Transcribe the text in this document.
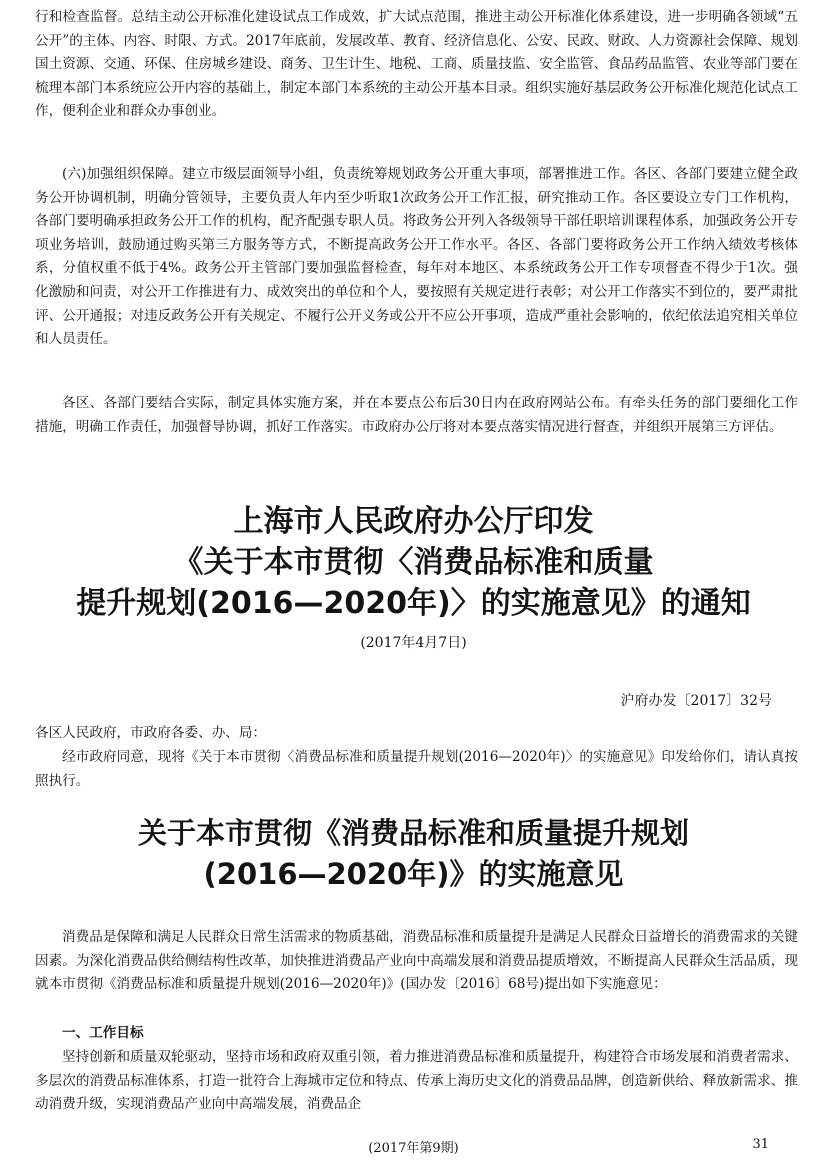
行和检查监督。总结主动公开标准化建设试点工作成效，扩大试点范围，推进主动公开标准化体系建设，进一步明确各领域“五公开”的主体、内容、时限、方式。2017年底前，发展改革、教育、经济信息化、公安、民政、财政、人力资源社会保障、规划国土资源、交通、环保、住房城乡建设、商务、卫生计生、地税、工商、质量技监、安全监管、食品药品监管、农业等部门要在梳理本部门本系统应公开内容的基础上，制定本部门本系统的主动公开基本目录。组织实施好基层政务公开标准化规范化试点工作，便利企业和群众办事创业。

(六)加强组织保障。建立市级层面领导小组，负责统筹规划政务公开重大事项，部署推进工作。各区、各部门要建立健全政务公开协调机制，明确分管领导，主要负责人年内至少听取1次政务公开工作汇报，研究推动工作。各区要设立专门工作机构，各部门要明确承担政务公开工作的机构，配齐配强专职人员。将政务公开列入各级领导干部任职培训课程体系，加强政务公开专项业务培训，鼓励通过购买第三方服务等方式，不断提高政务公开工作水平。各区、各部门要将政务公开工作纳入绩效考核体系，分值权重不低于4%。政务公开主管部门要加强监督检查，每年对本地区、本系统政务公开工作专项督查不得少于1次。强化激励和问责，对公开工作推进有力、成效突出的单位和个人，要按照有关规定进行表彰；对公开工作落实不到位的，要严肃批评、公开通报；对违反政务公开有关规定、不履行公开义务或公开不应公开事项，造成严重社会影响的，依纪依法追究相关单位和人员责任。

各区、各部门要结合实际，制定具体实施方案，并在本要点公布后30日内在政府网站公布。有牵头任务的部门要细化工作措施，明确工作责任，加强督导协调，抓好工作落实。市政府办公厅将对本要点落实情况进行督查，并组织开展第三方评估。

上海市人民政府办公厅印发

《关于本市贯彻〈消费品标准和质量

提升规划(2016—2020年)〉的实施意见》的通知

(2017年4月7日)

沪府办发〔2017〕32号

各区人民政府，市政府各委、办、局：

经市政府同意，现将《关于本市贯彻〈消费品标准和质量提升规划(2016—2020年)〉的实施意见》印发给你们，请认真按照执行。

关于本市贯彻《消费品标准和质量提升规划

(2016—2020年)》的实施意见

消费品是保障和满足人民群众日常生活需求的物质基础，消费品标准和质量提升是满足人民群众日益增长的消费需求的关键因素。为深化消费品供给侧结构性改革，加快推进消费品产业向中高端发展和消费品提质增效，不断提高人民群众生活品质，现就本市贯彻《消费品标准和质量提升规划(2016—2020年)》(国办发〔2016〕68号)提出如下实施意见：

一、工作目标

坚持创新和质量双轮驱动，坚持市场和政府双重引领，着力推进消费品标准和质量提升，构建符合市场发展和消费者需求、多层次的消费品标准体系，打造一批符合上海城市定位和特点、传承上海历史文化的消费品品牌，创造新供给、释放新需求、推动消费升级，实现消费品产业向中高端发展，消费品企

(2017年第9期)	31
